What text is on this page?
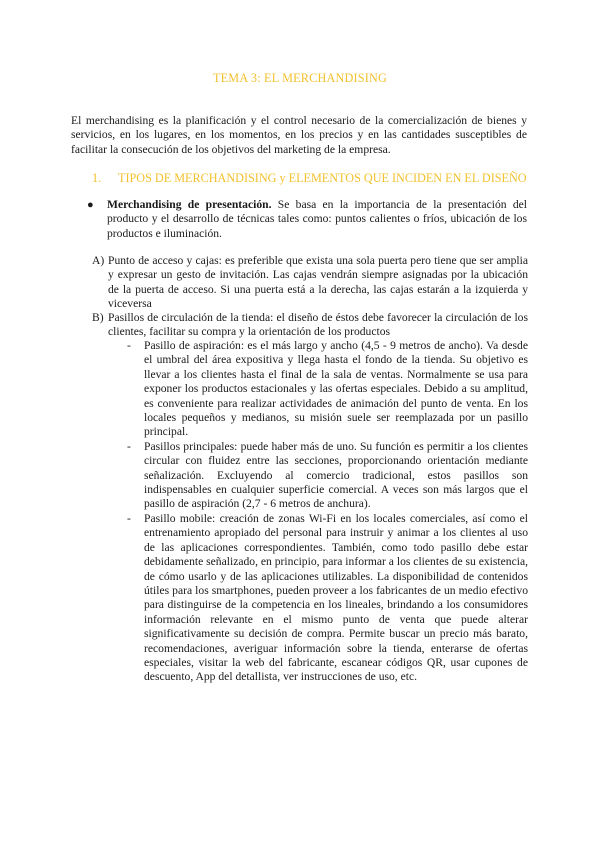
TEMA 3: EL MERCHANDISING
El merchandising es la planificación y el control necesario de la comercialización de bienes y servicios, en los lugares, en los momentos, en los precios y en las cantidades susceptibles de facilitar la consecución de los objetivos del marketing de la empresa.
1. TIPOS DE MERCHANDISING y ELEMENTOS QUE INCIDEN EN EL DISEÑO
● Merchandising de presentación. Se basa en la importancia de la presentación del producto y el desarrollo de técnicas tales como: puntos calientes o fríos, ubicación de los productos e iluminación.
A) Punto de acceso y cajas: es preferible que exista una sola puerta pero tiene que ser amplia y expresar un gesto de invitación. Las cajas vendrán siempre asignadas por la ubicación de la puerta de acceso. Si una puerta está a la derecha, las cajas estarán a la izquierda y viceversa
B) Pasillos de circulación de la tienda: el diseño de éstos debe favorecer la circulación de los clientes, facilitar su compra y la orientación de los productos
- Pasillo de aspiración: es el más largo y ancho (4,5 - 9 metros de ancho). Va desde el umbral del área expositiva y llega hasta el fondo de la tienda. Su objetivo es llevar a los clientes hasta el final de la sala de ventas. Normalmente se usa para exponer los productos estacionales y las ofertas especiales. Debido a su amplitud, es conveniente para realizar actividades de animación del punto de venta. En los locales pequeños y medianos, su misión suele ser reemplazada por un pasillo principal.
- Pasillos principales: puede haber más de uno. Su función es permitir a los clientes circular con fluidez entre las secciones, proporcionando orientación mediante señalización. Excluyendo al comercio tradicional, estos pasillos son indispensables en cualquier superficie comercial. A veces son más largos que el pasillo de aspiración (2,7 - 6 metros de anchura).
- Pasillo mobile: creación de zonas Wi-Fi en los locales comerciales, así como el entrenamiento apropiado del personal para instruir y animar a los clientes al uso de las aplicaciones correspondientes. También, como todo pasillo debe estar debidamente señalizado, en principio, para informar a los clientes de su existencia, de cómo usarlo y de las aplicaciones utilizables. La disponibilidad de contenidos útiles para los smartphones, pueden proveer a los fabricantes de un medio efectivo para distinguirse de la competencia en los lineales, brindando a los consumidores información relevante en el mismo punto de venta que puede alterar significativamente su decisión de compra. Permite buscar un precio más barato, recomendaciones, averiguar información sobre la tienda, enterarse de ofertas especiales, visitar la web del fabricante, escanear códigos QR, usar cupones de descuento, App del detallista, ver instrucciones de uso, etc.
